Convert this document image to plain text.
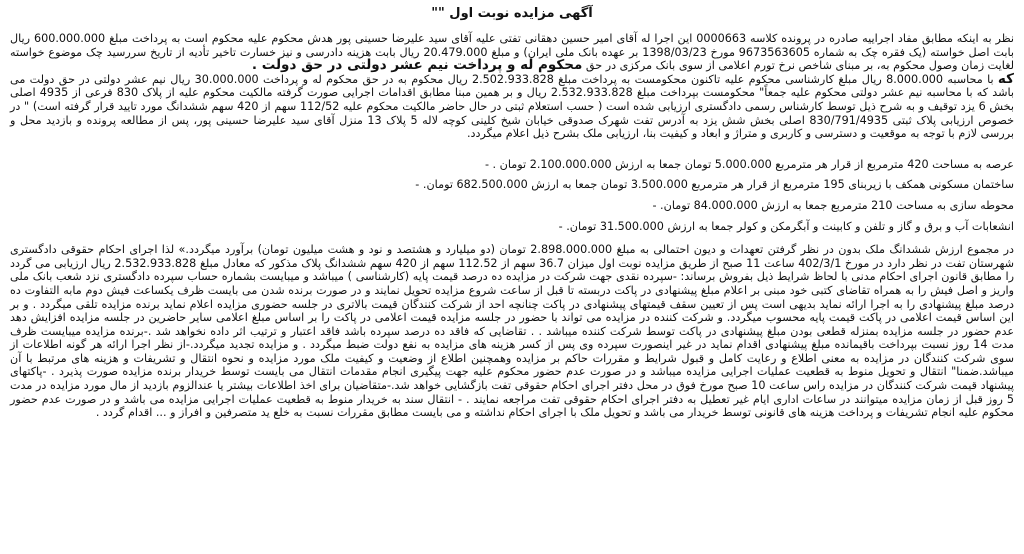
آگهی مزایده نوبت اول ""

نظر به اینکه مطابق مفاد اجراییه صادره در پرونده کلاسه 0000663 این اجرا له آقای امیر حسین دهقانی تفتی علیه آقای سید علیرضا حسینی پور هدش محکوم علیه محکوم است به پرداخت مبلغ 600.000.000 ریال بابت اصل خواسته (یک فقره چک به شماره 9673563605 مورخ 1398/03/23 بر عهده بانک ملی ایران) و مبلغ 20.479.000 ریال بابت هزینه دادرسی و نیز خسارت تاخیر تأدیه از تاریخ سررسید چک موضوع خواسته لغایت زمان وصول محکوم به، بر مبنای شاخص نرخ تورم اعلامی از سوی بانک مرکزی در حق محکوم له و پرداخت نیم عشر دولتی در حق دولت .
که با محاسبه 8.000.000 ریال مبلغ کارشناسی محکوم علیه تاکنون محکومست به پرداخت مبلغ 2.502.933.828 ریال محکوم به در حق محکوم له و پرداخت 30.000.000 ریال نیم عشر دولتی در حق دولت می باشد که با محاسبه نیم عشر دولتی محکوم علیه جمعاً" محکومست بپرداخت مبلغ 2.532.933.828 ریال و بر همین مبنا مطابق اقدامات اجرایی صورت گرفته مالکیت محکوم علیه از پلاک 830 فرعی از 4935 اصلی بخش 6 یزد توقیف و به شرح ذیل توسط کارشناس رسمی دادگستری ارزیابی شده است ( حسب استعلام ثبتی در حال حاضر مالکیت محکوم علیه 112/52 سهم از 420 سهم ششدانگ مورد تایید قرار گرفته است) " در خصوص ارزیابی پلاک ثبتی 830/791/4935 اصلی بخش شش یزد به آدرس تفت شهرک صدوقی خیابان شیخ کلینی کوچه لاله 5 پلاک 13 منزل آقای سید علیرضا حسینی پور، پس از مطالعه پرونده و بازدید محل و بررسی لازم با توجه به موقعیت و دسترسی و کاربری و متراژ و ابعاد و کیفیت بنا، ارزیابی ملک بشرح ذیل اعلام میگردد.

عرصه به مساحت 420 مترمربع از قرار هر مترمربع 5.000.000 تومان جمعا به ارزش 2.100.000.000 تومان . -
ساختمان مسکونی همکف با زیربنای 195 مترمربع از قرار هر مترمربع 3.500.000 تومان جمعا به ارزش 682.500.000 تومان. -
محوطه سازی به مساحت 210 مترمربع جمعا به ارزش 84.000.000 تومان. -
انشعابات آب و برق و گاز و تلفن و کابینت و آبگرمکن و کولر جمعا به ارزش 31.500.000 تومان. -

در مجموع ارزش ششدانگ ملک بدون در نظر گرفتن تعهدات و دیون احتمالی به مبلغ 2.898.000.000 تومان (دو میلیارد و هشتصد و نود و هشت میلیون تومان) برآورد میگردد.» لذا اجرای احکام حقوقی دادگستری شهرستان تفت در نظر دارد در مورخ 402/3/1 ساعت 11 صبح از طریق مزایده نوبت اول میزان 36.7 سهم از 112.52 سهم از 420 سهم ششدانگ پلاک مذکور که معادل مبلغ 2.532.933.828 ریال ارزیابی می گردد را مطابق قانون اجرای احکام مدنی با لحاظ شرایط ذیل بفروش برساند: -سپرده نقدی جهت شرکت در مزایده ده درصد قیمت پایه (کارشناسی ) میباشد و میبایست بشماره حساب سپرده دادگستری نزد شعب بانک ملی واریز و اصل فیش را به همراه تقاضای کتبی خود مبنی بر اعلام مبلغ پیشنهادی در پاکت دربسته تا قبل از ساعت شروع مزایده تحویل نمایند و در صورت برنده شدن می بایست ظرف یکساعت فیش دوم مابه التفاوت ده درصد مبلغ پیشنهادی را به اجرا ارائه نماید بدیهی است پس از تعیین سقف قیمتهای پیشنهادی در پاکت چنانچه احد از شرکت کنندگان قیمت بالاتری در جلسه حضوری مزایده اعلام نماید برنده مزایده تلقی میگردد . و بر این اساس قیمت اعلامی در پاکت قیمت پایه محسوب میگردد. و شرکت کننده در مزایده می تواند با حضور در جلسه مزایده قیمت اعلامی در پاکت را بر اساس مبلغ اعلامی سایر حاضرین در جلسه مزایده افزایش دهد عدم حضور در جلسه مزایده بمنزله قطعی بودن مبلغ پیشنهادی در پاکت توسط شرکت کننده میباشد . . تقاضایی که فاقد ده درصد سپرده باشد فاقد اعتبار و ترتیب اثر داده نخواهد شد .-برنده مزایده میبایست ظرف مدت 14 روز نسبت بپرداخت باقیمانده مبلغ پیشنهادی اقدام نماید در غیر اینصورت سپرده وی پس از کسر هزینه های مزایده به نفع دولت ضبط میگردد . و مزایده تجدید میگردد.-از نظر اجرا ارائه هر گونه اطلاعات از سوی شرکت کنندگان در مزایده به معنی اطلاع و رعایت کامل و قبول شرایط و مقررات حاکم بر مزایده وهمچنین اطلاع از وضعیت و کیفیت ملک مورد مزایده و نحوه انتقال و تشریفات و هزینه های مرتبط با آن میباشد.ضمنا" انتقال و تحویل منوط به قطعیت عملیات اجرایی مزایده میباشد و در صورت عدم حضور محکوم علیه جهت پیگیری انجام مقدمات انتقال می بایست توسط خریدار برنده مزایده صورت پذیرد . -پاکتهای پیشنهاد قیمت شرکت کنندگان در مزایده راس ساعت 10 صبح مورخ فوق در محل دفتر اجرای احکام حقوقی تفت بازگشایی خواهد شد.-متقاضیان برای اخذ اطلاعات بیشتر یا عندالزوم بازدید از مال مورد مزایده در مدت 5 روز قبل از زمان مزایده میتوانند در ساعات اداری ایام غیر تعطیل به دفتر اجرای احکام حقوقی تفت مراجعه نمایند . - انتقال سند به خریدار منوط به قطعیت عملیات اجرایی مزایده می باشد و در صورت عدم حضور محکوم علیه انجام تشریفات و پرداخت هزینه های قانونی توسط خریدار می باشد و تحویل ملک با اجرای احکام نداشته و می بایست مطابق مقررات نسبت به خلع ید متصرفین و افراز و ... اقدام گردد .
